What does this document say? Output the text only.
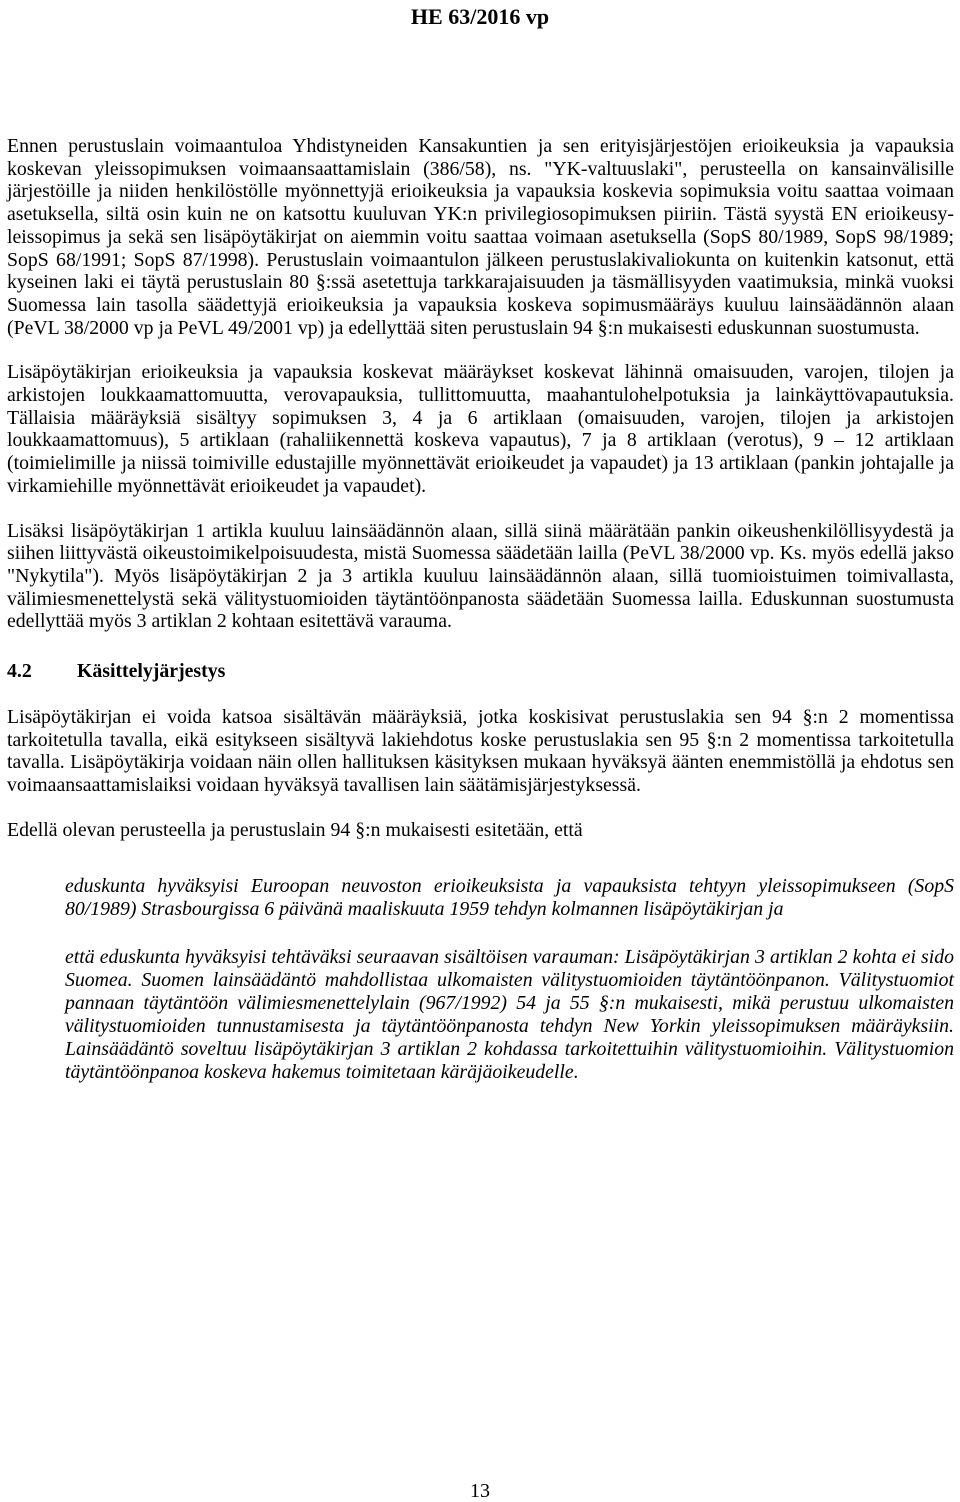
HE 63/2016 vp

Ennen perustuslain voimaantuloa Yhdistyneiden Kansakuntien ja sen erityisjärjestöjen erioikeuksia ja vapauksia koskevan yleissopimuksen voimaansaattamislain (386/58), ns. "YK-valtuuslaki", perusteella on kansainvälisille järjestöille ja niiden henkilöstölle myönnettyjä erioikeuksia ja vapauksia koskevia sopimuksia voitu saattaa voimaan asetuksella, siltä osin kuin ne on katsottu kuuluvan YK:n privilegiosopimuksen piiriin. Tästä syystä EN erioikeusyleissopimus ja sekä sen lisäpöytäkirjat on aiemmin voitu saattaa voimaan asetuksella (SopS 80/1989, SopS 98/1989; SopS 68/1991; SopS 87/1998). Perustuslain voimaantulon jälkeen perustuslakivaliokunta on kuitenkin katsonut, että kyseinen laki ei täytä perustuslain 80 §:ssä asetettuja tarkkarajaisuuden ja täsmällisyyden vaatimuksia, minkä vuoksi Suomessa lain tasolla säädettyjä erioikeuksia ja vapauksia koskeva sopimusmääräys kuuluu lainsäädännön alaan (PeVL 38/2000 vp ja PeVL 49/2001 vp) ja edellyttää siten perustuslain 94 §:n mukaisesti eduskunnan suostumusta.

Lisäpöytäkirjan erioikeuksia ja vapauksia koskevat määräykset koskevat lähinnä omaisuuden, varojen, tilojen ja arkistojen loukkaamattomuutta, verovapauksia, tullittomuutta, maahantulohelpotuksia ja lainkäyttövapautuksia. Tällaisia määräyksiä sisältyy sopimuksen 3, 4 ja 6 artiklaan (omaisuuden, varojen, tilojen ja arkistojen loukkaamattomuus), 5 artiklaan (rahaliikennettä koskeva vapautus), 7 ja 8 artiklaan (verotus), 9 – 12 artiklaan (toimielimille ja niissä toimiville edustajille myönnettävät erioikeudet ja vapaudet) ja 13 artiklaan (pankin johtajalle ja virkamiehille myönnettävät erioikeudet ja vapaudet).

Lisäksi lisäpöytäkirjan 1 artikla kuuluu lainsäädännön alaan, sillä siinä määrätään pankin oikeushenkilöllisyydestä ja siihen liittyvästä oikeustoimikelpoisuudesta, mistä Suomessa säädetään lailla (PeVL 38/2000 vp. Ks. myös edellä jakso "Nykytila"). Myös lisäpöytäkirjan 2 ja 3 artikla kuuluu lainsäädännön alaan, sillä tuomioistuimen toimivallasta, välimiesmenettelystä sekä välitystuomioiden täytäntöönpanosta säädetään Suomessa lailla. Eduskunnan suostumusta edellyttää myös 3 artiklan 2 kohtaan esitettävä varauma.

4.2 Käsittelyjärjestys

Lisäpöytäkirjan ei voida katsoa sisältävän määräyksiä, jotka koskisivat perustuslakia sen 94 §:n 2 momentissa tarkoitetulla tavalla, eikä esitykseen sisältyvä lakiehdotus koske perustuslakia sen 95 §:n 2 momentissa tarkoitetulla tavalla. Lisäpöytäkirja voidaan näin ollen hallituksen käsityksen mukaan hyväksyä äänten enemmistöllä ja ehdotus sen voimaansaattamislaiksi voidaan hyväksyä tavallisen lain säätämisjärjestyksessä.

Edellä olevan perusteella ja perustuslain 94 §:n mukaisesti esitetään, että

eduskunta hyväksyisi Euroopan neuvoston erioikeuksista ja vapauksista tehtyyn yleissopimukseen (SopS 80/1989) Strasbourgissa 6 päivänä maaliskuuta 1959 tehdyn kolmannen lisäpöytäkirjan ja

että eduskunta hyväksyisi tehtäväksi seuraavan sisältöisen varauman: Lisäpöytäkirjan 3 artiklan 2 kohta ei sido Suomea. Suomen lainsäädäntö mahdollistaa ulkomaisten välitystuomioiden täytäntöönpanon. Välitystuomiot pannaan täytäntöön välimiesmenettelylain (967/1992) 54 ja 55 §:n mukaisesti, mikä perustuu ulkomaisten välitystuomioiden tunnustamisesta ja täytäntöönpanosta tehdyn New Yorkin yleissopimuksen määräyksiin. Lainsäädäntö soveltuu lisäpöytäkirjan 3 artiklan 2 kohdassa tarkoitettuihin välitystuomioihin. Välitystuomion täytäntöönpanoa koskeva hakemus toimitetaan käräjäoikeudelle.

13
